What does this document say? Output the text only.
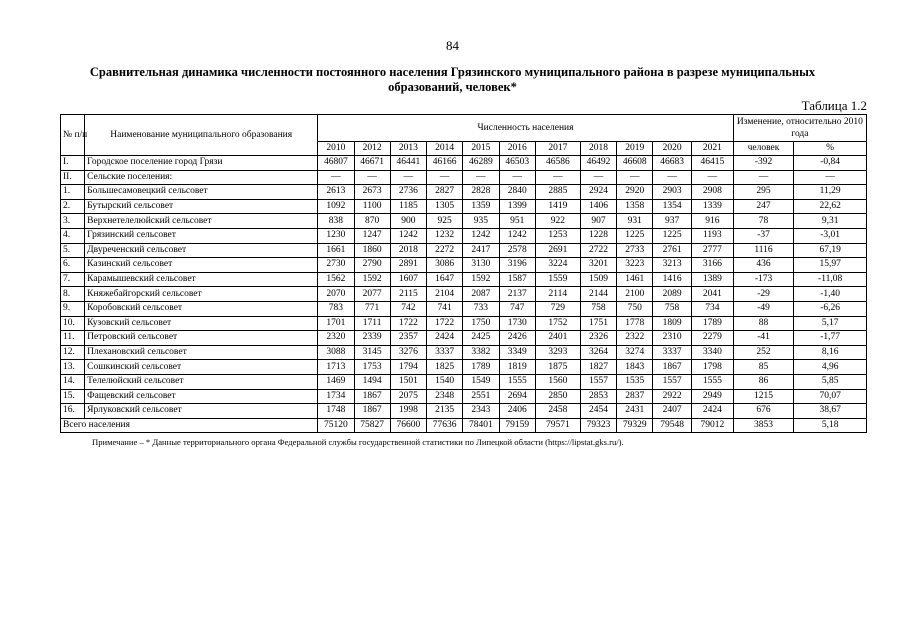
84
Сравнительная динамика численности постоянного населения Грязинского муниципального района в разрезе муниципальных образований, человек*
Таблица 1.2
№ п/п	Наименование муниципального образования	Численность населения											Изменение, относительно 2010 года	
		2010	2012	2013	2014	2015	2016	2017	2018	2019	2020	2021	человек	%
I.	Городское поселение город Грязи	46807	46671	46441	46166	46289	46503	46586	46492	46608	46683	46415	-392	-0,84
II.	Сельские поселения:	—	—	—	—	—	—	—	—	—	—	—	—	—
1.	Большесамовецкий сельсовет	2613	2673	2736	2827	2828	2840	2885	2924	2920	2903	2908	295	11,29
2.	Бутырский сельсовет	1092	1100	1185	1305	1359	1399	1419	1406	1358	1354	1339	247	22,62
3.	Верхнетелелюйский сельсовет	838	870	900	925	935	951	922	907	931	937	916	78	9,31
4.	Грязинский сельсовет	1230	1247	1242	1232	1242	1242	1253	1228	1225	1225	1193	-37	-3,01
5.	Двуреченский сельсовет	1661	1860	2018	2272	2417	2578	2691	2722	2733	2761	2777	1116	67,19
6.	Казинский сельсовет	2730	2790	2891	3086	3130	3196	3224	3201	3223	3213	3166	436	15,97
7.	Карамышевский сельсовет	1562	1592	1607	1647	1592	1587	1559	1509	1461	1416	1389	-173	-11,08
8.	Княжебайгорский сельсовет	2070	2077	2115	2104	2087	2137	2114	2144	2100	2089	2041	-29	-1,40
9.	Коробовский сельсовет	783	771	742	741	733	747	729	758	750	758	734	-49	-6,26
10.	Кузовский сельсовет	1701	1711	1722	1722	1750	1730	1752	1751	1778	1809	1789	88	5,17
11.	Петровский сельсовет	2320	2339	2357	2424	2425	2426	2401	2326	2322	2310	2279	-41	-1,77
12.	Плехановский сельсовет	3088	3145	3276	3337	3382	3349	3293	3264	3274	3337	3340	252	8,16
13.	Сошкинский сельсовет	1713	1753	1794	1825	1789	1819	1875	1827	1843	1867	1798	85	4,96
14.	Телелюйский сельсовет	1469	1494	1501	1540	1549	1555	1560	1557	1535	1557	1555	86	5,85
15.	Фащевский сельсовет	1734	1867	2075	2348	2551	2694	2850	2853	2837	2922	2949	1215	70,07
16.	Ярлуковский сельсовет	1748	1867	1998	2135	2343	2406	2458	2454	2431	2407	2424	676	38,67
Всего населения		75120	75827	76600	77636	78401	79159	79571	79323	79329	79548	79012	3853	5,18
Примечание – * Данные территориального органа Федеральной службы государственной статистики по Липецкой области (https://lipstat.gks.ru/).
